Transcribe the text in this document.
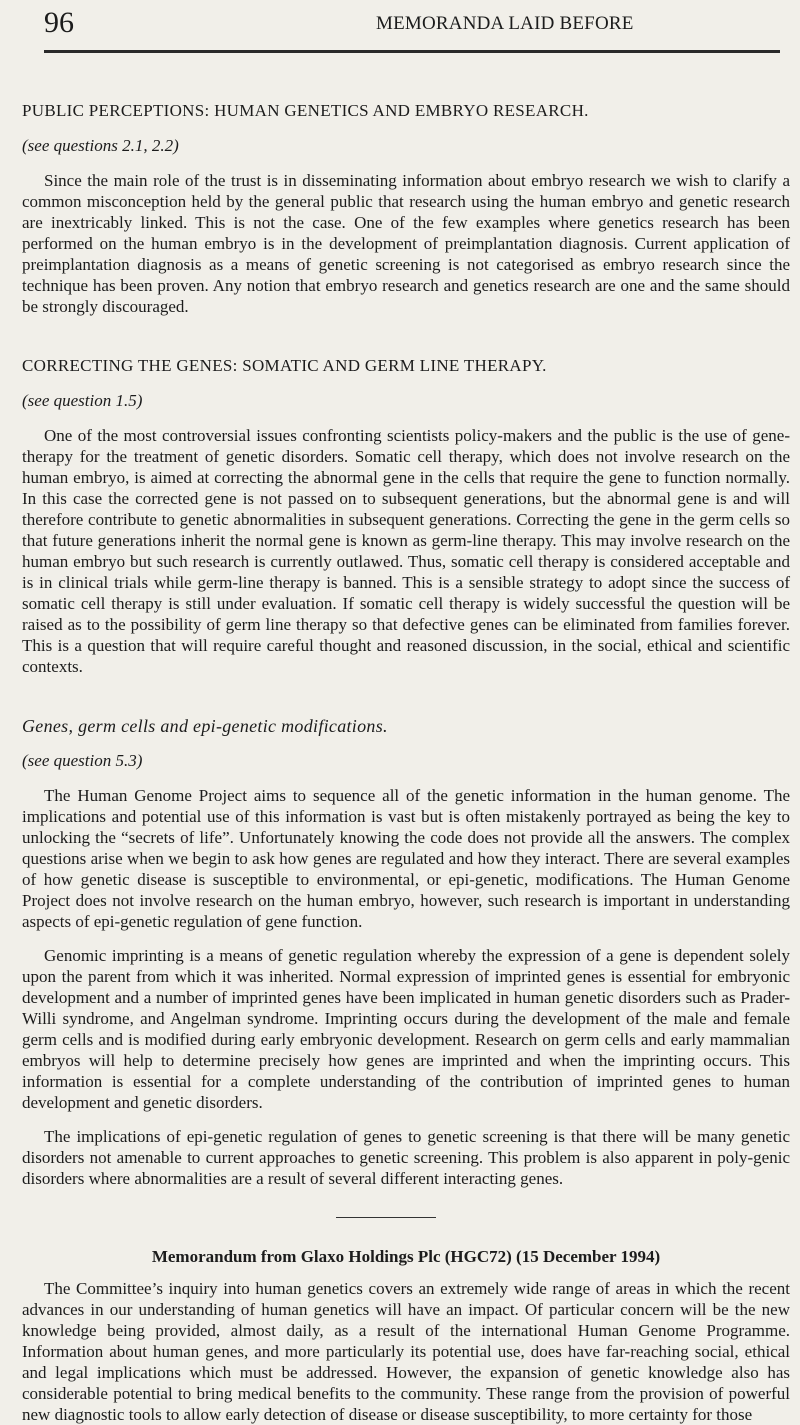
96	MEMORANDA LAID BEFORE

PUBLIC PERCEPTIONS: HUMAN GENETICS AND EMBRYO RESEARCH.

(see questions 2.1, 2.2)

Since the main role of the trust is in disseminating information about embryo research we wish to clarify a common misconception held by the general public that research using the human embryo and genetic research are inextricably linked. This is not the case. One of the few examples where genetics research has been performed on the human embryo is in the development of preimplantation diagnosis. Current application of preimplantation diagnosis as a means of genetic screening is not categorised as embryo research since the technique has been proven. Any notion that embryo research and genetics research are one and the same should be strongly discouraged.

CORRECTING THE GENES: SOMATIC AND GERM LINE THERAPY.

(see question 1.5)

One of the most controversial issues confronting scientists policy-makers and the public is the use of gene-therapy for the treatment of genetic disorders. Somatic cell therapy, which does not involve research on the human embryo, is aimed at correcting the abnormal gene in the cells that require the gene to function normally. In this case the corrected gene is not passed on to subsequent generations, but the abnormal gene is and will therefore contribute to genetic abnormalities in subsequent generations. Correcting the gene in the germ cells so that future generations inherit the normal gene is known as germ-line therapy. This may involve research on the human embryo but such research is currently outlawed. Thus, somatic cell therapy is considered acceptable and is in clinical trials while germ-line therapy is banned. This is a sensible strategy to adopt since the success of somatic cell therapy is still under evaluation. If somatic cell therapy is widely successful the question will be raised as to the possibility of germ line therapy so that defective genes can be eliminated from families forever. This is a question that will require careful thought and reasoned discussion, in the social, ethical and scientific contexts.

Genes, germ cells and epi-genetic modifications.

(see question 5.3)

The Human Genome Project aims to sequence all of the genetic information in the human genome. The implications and potential use of this information is vast but is often mistakenly portrayed as being the key to unlocking the “secrets of life”. Unfortunately knowing the code does not provide all the answers. The complex questions arise when we begin to ask how genes are regulated and how they interact. There are several examples of how genetic disease is susceptible to environmental, or epi-genetic, modifications. The Human Genome Project does not involve research on the human embryo, however, such research is important in understanding aspects of epi-genetic regulation of gene function.

Genomic imprinting is a means of genetic regulation whereby the expression of a gene is dependent solely upon the parent from which it was inherited. Normal expression of imprinted genes is essential for embryonic development and a number of imprinted genes have been implicated in human genetic disorders such as Prader-Willi syndrome, and Angelman syndrome. Imprinting occurs during the development of the male and female germ cells and is modified during early embryonic development. Research on germ cells and early mammalian embryos will help to determine precisely how genes are imprinted and when the imprinting occurs. This information is essential for a complete understanding of the contribution of imprinted genes to human development and genetic disorders.

The implications of epi-genetic regulation of genes to genetic screening is that there will be many genetic disorders not amenable to current approaches to genetic screening. This problem is also apparent in poly-genic disorders where abnormalities are a result of several different interacting genes.

Memorandum from Glaxo Holdings Plc (HGC72) (15 December 1994)

The Committee’s inquiry into human genetics covers an extremely wide range of areas in which the recent advances in our understanding of human genetics will have an impact. Of particular concern will be the new knowledge being provided, almost daily, as a result of the international Human Genome Programme. Information about human genes, and more particularly its potential use, does have far-reaching social, ethical and legal implications which must be addressed. However, the expansion of genetic knowledge also has considerable potential to bring medical benefits to the community. These range from the provision of powerful new diagnostic tools to allow early detection of disease or disease susceptibility, to more certainty for those
